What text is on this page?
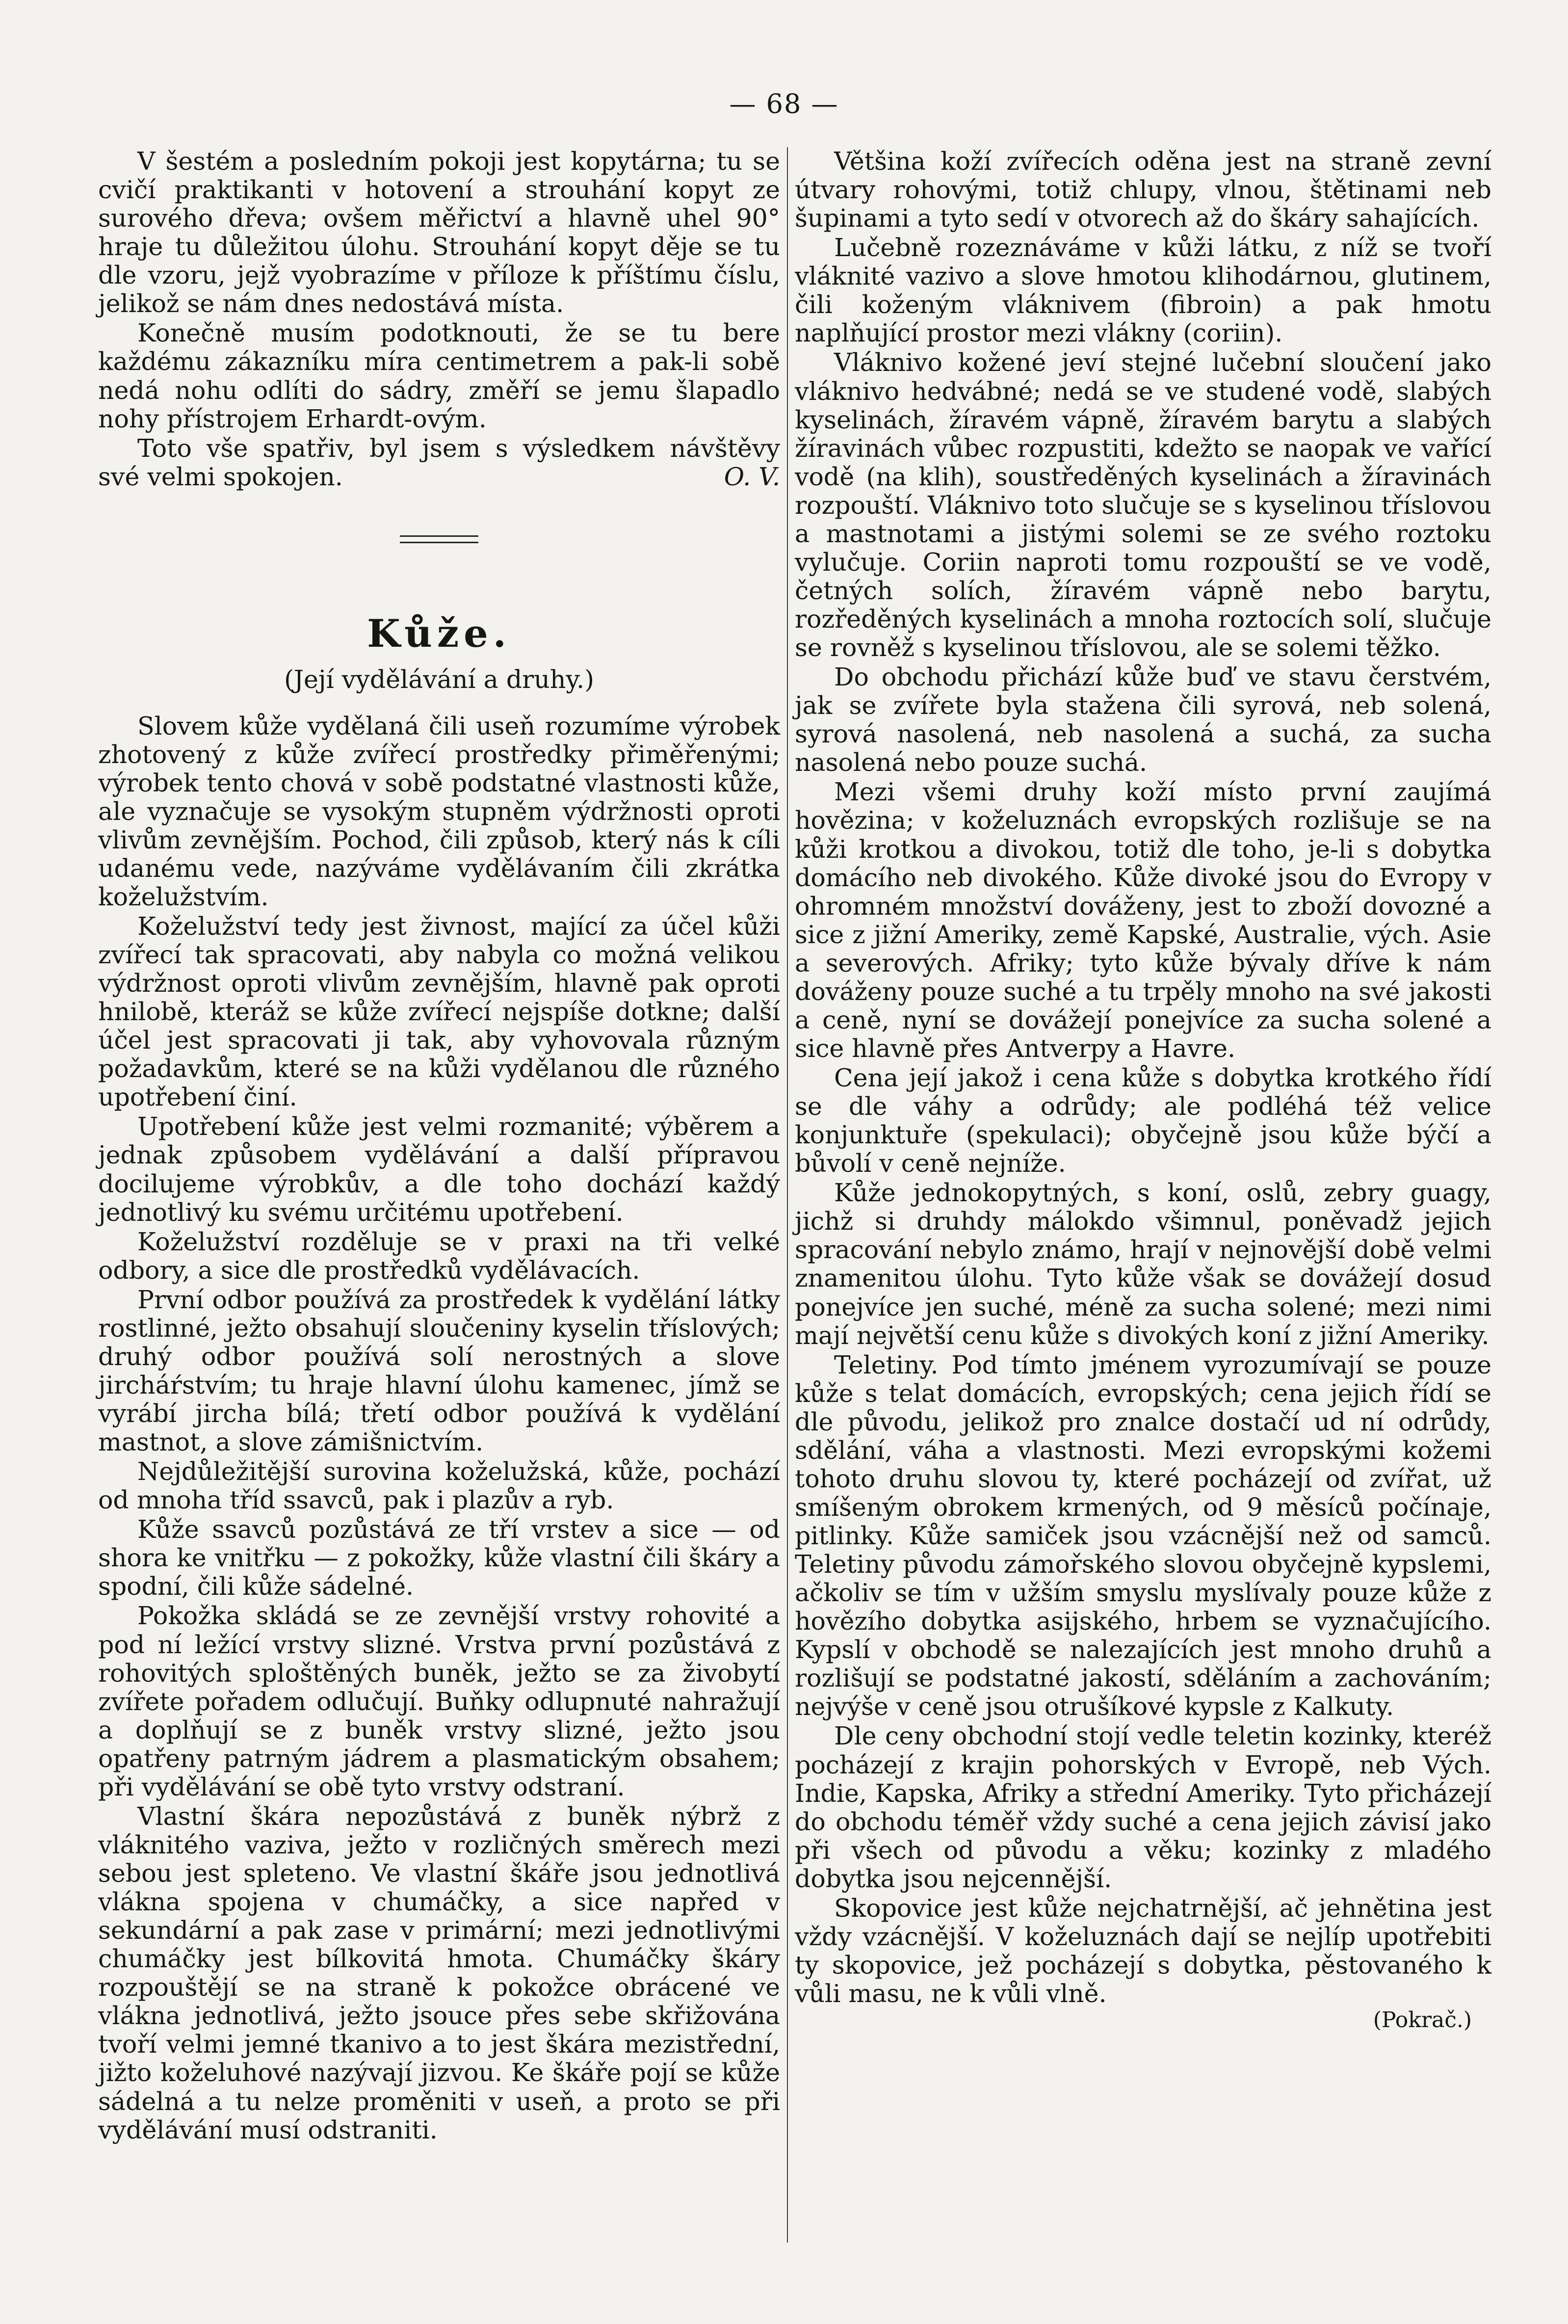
— 68 —

V šestém a posledním pokoji jest kopytárna; tu se cvičí praktikanti v hotovení a strouhání kopyt ze surového dřeva; ovšem měřictví a hlavně uhel 90° hraje tu důležitou úlohu. Strouhání kopyt děje se tu dle vzoru, jejž vyobrazíme v příloze k příštímu číslu, jelikož se nám dnes nedostává místa.

Konečně musím podotknouti, že se tu bere každému zákazníku míra centimetrem a pak-li sobě nedá nohu odlíti do sádry, změří se jemu šlapadlo nohy přístrojem Erhardt-ovým.

Toto vše spatřiv, byl jsem s výsledkem návštěvy své velmi spokojen.	O. V.

Kůže.
(Její vydělávání a druhy.)

Slovem kůže vydělaná čili useň rozumíme výrobek zhotovený z kůže zvířecí prostředky přiměřenými; výrobek tento chová v sobě podstatné vlastnosti kůže, ale vyznačuje se vysokým stupněm výdržnosti oproti vlivům zevnějším. Pochod, čili způsob, který nás k cíli udanému vede, nazýváme vydělávaním čili zkrátka koželužstvím.

Koželužství tedy jest živnost, mající za účel kůži zvířecí tak spracovati, aby nabyla co možná velikou výdržnost oproti vlivům zevnějším, hlavně pak oproti hnilobě, kteráž se kůže zvířecí nejspíše dotkne; další účel jest spracovati ji tak, aby vyhovovala různým požadavkům, které se na kůži vydělanou dle různého upotřebení činí.

Upotřebení kůže jest velmi rozmanité; výběrem a jednak způsobem vydělávání a další přípravou docilujeme výrobkův, a dle toho dochází každý jednotlivý ku svému určitému upotřebení.

Koželužství rozděluje se v praxi na tři velké odbory, a sice dle prostředků vydělávacích.

První odbor používá za prostředek k vydělání látky rostlinné, ježto obsahují sloučeniny kyselin tříslových; druhý odbor používá solí nerostných a slove jircháŕstvím; tu hraje hlavní úlohu kamenec, jímž se vyrábí jircha bílá; třetí odbor používá k vydělání mastnot, a slove zámišnictvím.

Nejdůležitější surovina koželužská, kůže, pochází od mnoha tříd ssavců, pak i plazův a ryb.

Kůže ssavců pozůstává ze tří vrstev a sice — od shora ke vnitřku — z pokožky, kůže vlastní čili škáry a spodní, čili kůže sádelné.

Pokožka skládá se ze zevnější vrstvy rohovité a pod ní ležící vrstvy slizné. Vrstva první pozůstává z rohovitých sploštěných buněk, ježto se za živobytí zvířete pořadem odlučují. Buňky odlupnuté nahražují a doplňují se z buněk vrstvy slizné, ježto jsou opatřeny patrným jádrem a plasmatickým obsahem; při vydělávání se obě tyto vrstvy odstraní.

Vlastní škára nepozůstává z buněk nýbrž z vláknitého vaziva, ježto v rozličných směrech mezi sebou jest spleteno. Ve vlastní škáře jsou jednotlivá vlákna spojena v chumáčky, a sice napřed v sekundární a pak zase v primární; mezi jednotlivými chumáčky jest bílkovitá hmota. Chumáčky škáry rozpouštějí se na straně k pokožce obrácené ve vlákna jednotlivá, ježto jsouce přes sebe skřižována tvoří velmi jemné tkanivo a to jest škára mezistřední, jižto koželuhové nazývají jizvou. Ke škáře pojí se kůže sádelná a tu nelze proměniti v useň, a proto se při vydělávání musí odstraniti.

Většina koží zvířecích oděna jest na straně zevní útvary rohovými, totiž chlupy, vlnou, štětinami neb šupinami a tyto sedí v otvorech až do škáry sahajících.

Lučebně rozeznáváme v kůži látku, z níž se tvoří vláknité vazivo a slove hmotou klihodárnou, glutinem, čili koženým vláknivem (fibroin) a pak hmotu naplňující prostor mezi vlákny (coriin).

Vláknivo kožené jeví stejné lučební sloučení jako vláknivo hedvábné; nedá se ve studené vodě, slabých kyselinách, žíravém vápně, žíravém barytu a slabých žíravinách vůbec rozpustiti, kdežto se naopak ve vařící vodě (na klih), soustředěných kyselinách a žíravinách rozpouští. Vláknivo toto slučuje se s kyselinou tříslovou a mastnotami a jistými solemi se ze svého roztoku vylučuje. Coriin naproti tomu rozpouští se ve vodě, četných solích, žíravém vápně nebo barytu, rozředěných kyselinách a mnoha roztocích solí, slučuje se rovněž s kyselinou tříslovou, ale se solemi těžko.

Do obchodu přichází kůže buď ve stavu čerstvém, jak se zvířete byla stažena čili syrová, neb solená, syrová nasolená, neb nasolená a suchá, za sucha nasolená nebo pouze suchá.

Mezi všemi druhy koží místo první zaujímá hovězina; v koželuznách evropských rozlišuje se na kůži krotkou a divokou, totiž dle toho, je-li s dobytka domácího neb divokého. Kůže divoké jsou do Evropy v ohromném množství dováženy, jest to zboží dovozné a sice z jižní Ameriky, země Kapské, Australie, vých. Asie a severových. Afriky; tyto kůže bývaly dříve k nám dováženy pouze suché a tu trpěly mnoho na své jakosti a ceně, nyní se dovážejí ponejvíce za sucha solené a sice hlavně přes Antverpy a Havre.

Cena její jakož i cena kůže s dobytka krotkého řídí se dle váhy a odrůdy; ale podléhá též velice konjunktuře (spekulaci); obyčejně jsou kůže býčí a bůvolí v ceně nejníže.

Kůže jednokopytných, s koní, oslů, zebry guagy, jichž si druhdy málokdo všimnul, poněvadž jejich spracování nebylo známo, hrají v nejnovější době velmi znamenitou úlohu. Tyto kůže však se dovážejí dosud ponejvíce jen suché, méně za sucha solené; mezi nimi mají největší cenu kůže s divokých koní z jižní Ameriky.

Teletiny. Pod tímto jménem vyrozumívají se pouze kůže s telat domácích, evropských; cena jejich řídí se dle původu, jelikož pro znalce dostačí ud ní odrůdy, sdělání, váha a vlastnosti. Mezi evropskými kožemi tohoto druhu slovou ty, které pocházejí od zvířat, už smíšeným obrokem krmených, od 9 měsíců počínaje, pitlinky. Kůže samiček jsou vzácnější než od samců. Teletiny původu zámořského slovou obyčejně kypslemi, ačkoliv se tím v užším smyslu myslívaly pouze kůže z hovězího dobytka asijského, hrbem se vyznačujícího. Kypslí v obchodě se nalezajících jest mnoho druhů a rozlišují se podstatné jakostí, sděláním a zachováním; nejvýše v ceně jsou otrušíkové kypsle z Kalkuty.

Dle ceny obchodní stojí vedle teletin kozinky, kteréž pocházejí z krajin pohorských v Evropě, neb Vých. Indie, Kapska, Afriky a střední Ameriky. Tyto přicházejí do obchodu téměř vždy suché a cena jejich závisí jako při všech od původu a věku; kozinky z mladého dobytka jsou nejcennější.

Skopovice jest kůže nejchatrnější, ač jehnětina jest vždy vzácnější. V koželuznách dají se nejlíp upotřebiti ty skopovice, jež pocházejí s dobytka, pěstovaného k vůli masu, ne k vůli vlně.

(Pokrač.)
